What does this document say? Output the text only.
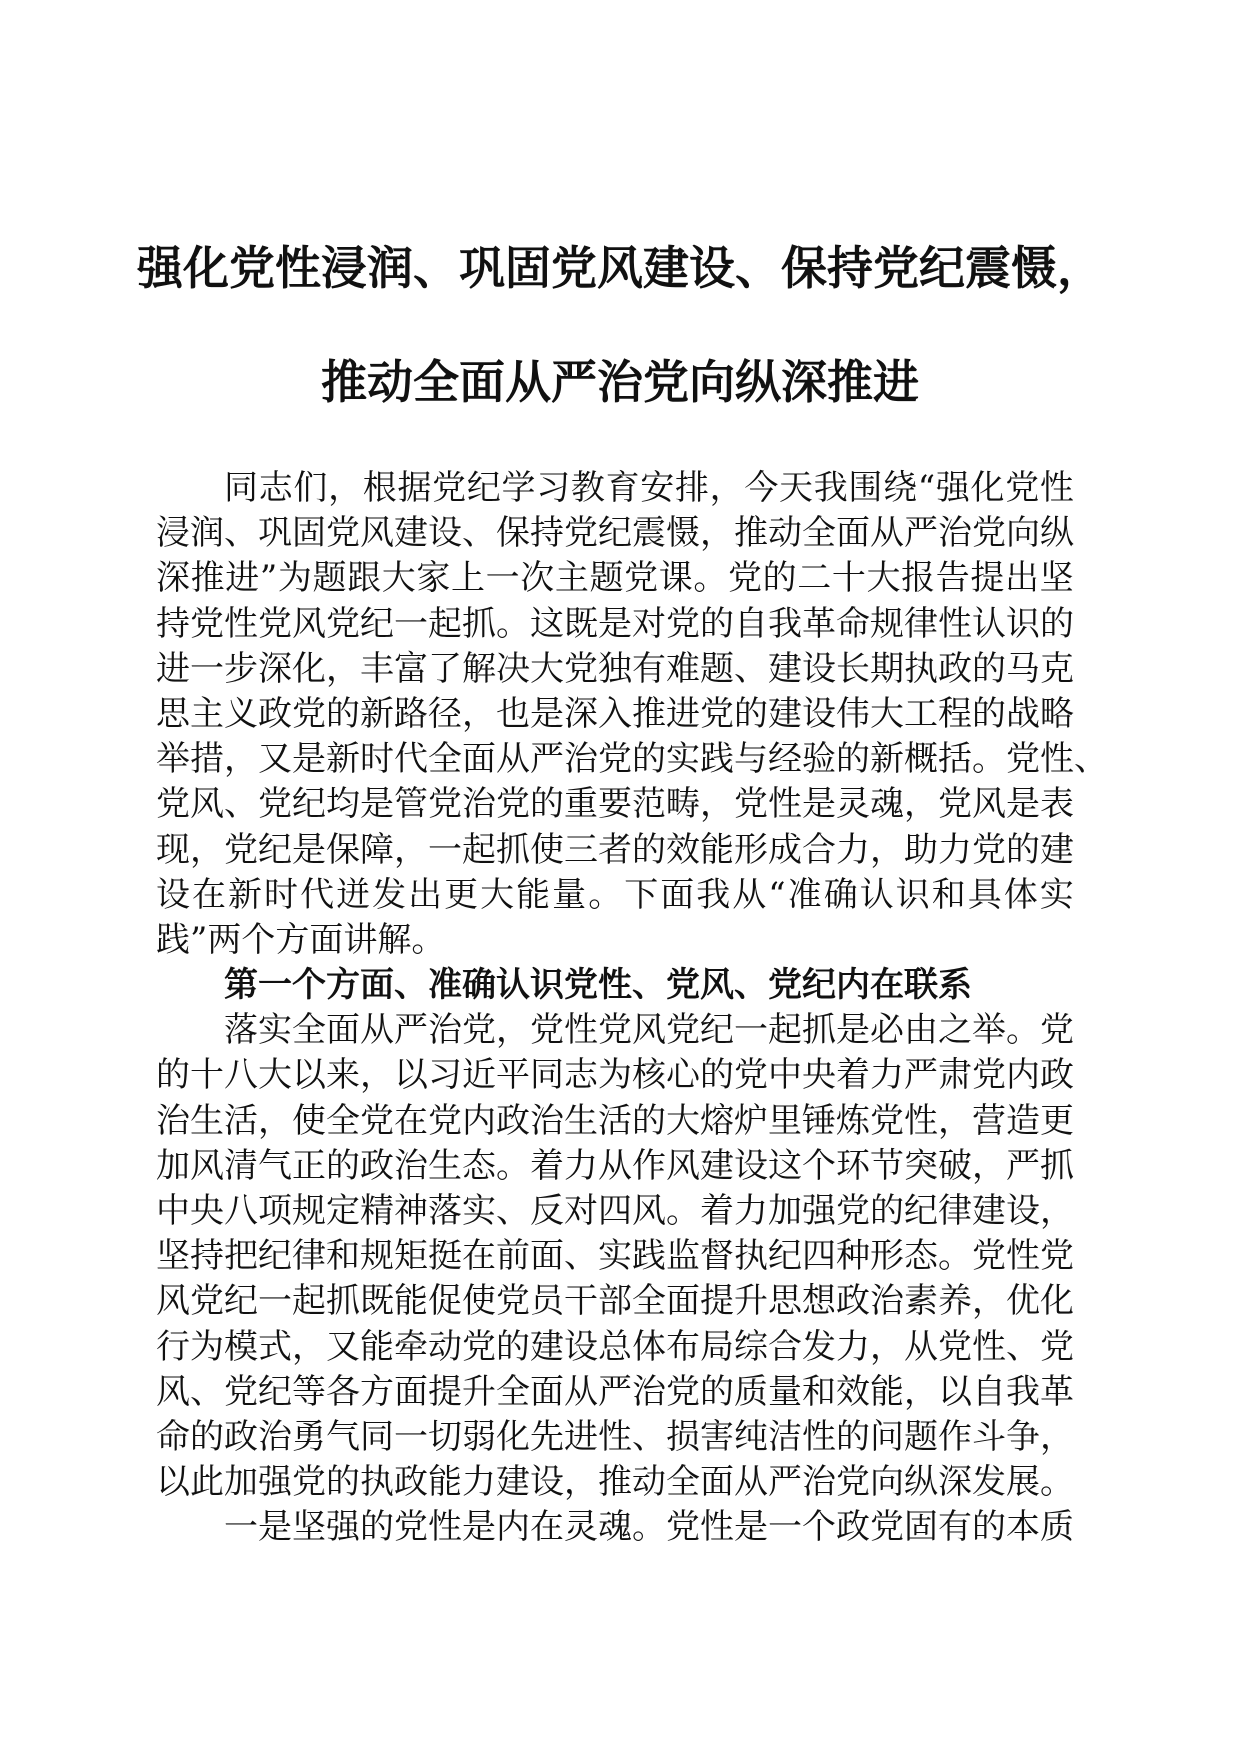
强化党性浸润、巩固党风建设、保持党纪震慑，
推动全面从严治党向纵深推进
同 志 们 ， 根 据 党 纪 学 习 教 育 安 排 ， 今 天 我 围 绕 “ 强 化 党 性
浸 润 、 巩 固 党 风 建 设 、 保 持 党 纪 震 慑 ， 推 动 全 面 从 严 治 党 向 纵
深 推 进 ” 为 题 跟 大 家 上 一 次 主 题 党 课 。 党 的 二 十 大 报 告 提 出 坚
持 党 性 党 风 党 纪 一 起 抓 。 这 既 是 对 党 的 自 我 革 命 规 律 性 认 识 的
进 一 步 深 化 ， 丰 富 了 解 决 大 党 独 有 难 题 、 建 设 长 期 执 政 的 马 克
思 主 义 政 党 的 新 路 径 ， 也 是 深 入 推 进 党 的 建 设 伟 大 工 程 的 战 略
举 措 ， 又 是 新 时 代 全 面 从 严 治 党 的 实 践 与 经 验 的 新 概 括 。 党 性 、
党 风 、 党 纪 均 是 管 党 治 党 的 重 要 范 畴 ， 党 性 是 灵 魂 ， 党 风 是 表
现 ， 党 纪 是 保 障 ， 一 起 抓 使 三 者 的 效 能 形 成 合 力 ， 助 力 党 的 建
设 在 新 时 代 迸 发 出 更 大 能 量 。 下 面 我 从 “ 准 确 认 识 和 具 体 实
践”两个方面讲解。
第一个方面、准确认识党性、党风、党纪内在联系
落 实 全 面 从 严 治 党 ， 党 性 党 风 党 纪 一 起 抓 是 必 由 之 举 。 党
的 十 八 大 以 来 ， 以 习 近 平 同 志 为 核 心 的 党 中 央 着 力 严 肃 党 内 政
治 生 活 ， 使 全 党 在 党 内 政 治 生 活 的 大 熔 炉 里 锤 炼 党 性 ， 营 造 更
加 风 清 气 正 的 政 治 生 态 。 着 力 从 作 风 建 设 这 个 环 节 突 破 ， 严 抓
中 央 八 项 规 定 精 神 落 实 、 反 对 四 风 。 着 力 加 强 党 的 纪 律 建 设 ，
坚 持 把 纪 律 和 规 矩 挺 在 前 面 、 实 践 监 督 执 纪 四 种 形 态 。 党 性 党
风 党 纪 一 起 抓 既 能 促 使 党 员 干 部 全 面 提 升 思 想 政 治 素 养 ， 优 化
行 为 模 式 ， 又 能 牵 动 党 的 建 设 总 体 布 局 综 合 发 力 ， 从 党 性 、 党
风 、 党 纪 等 各 方 面 提 升 全 面 从 严 治 党 的 质 量 和 效 能 ， 以 自 我 革
命 的 政 治 勇 气 同 一 切 弱 化 先 进 性 、 损 害 纯 洁 性 的 问 题 作 斗 争 ，
以此加强党的执政能力建设，推动全面从严治党向纵深发展。
一 是 坚 强 的 党 性 是 内 在 灵 魂 。 党 性 是 一 个 政 党 固 有 的 本 质
